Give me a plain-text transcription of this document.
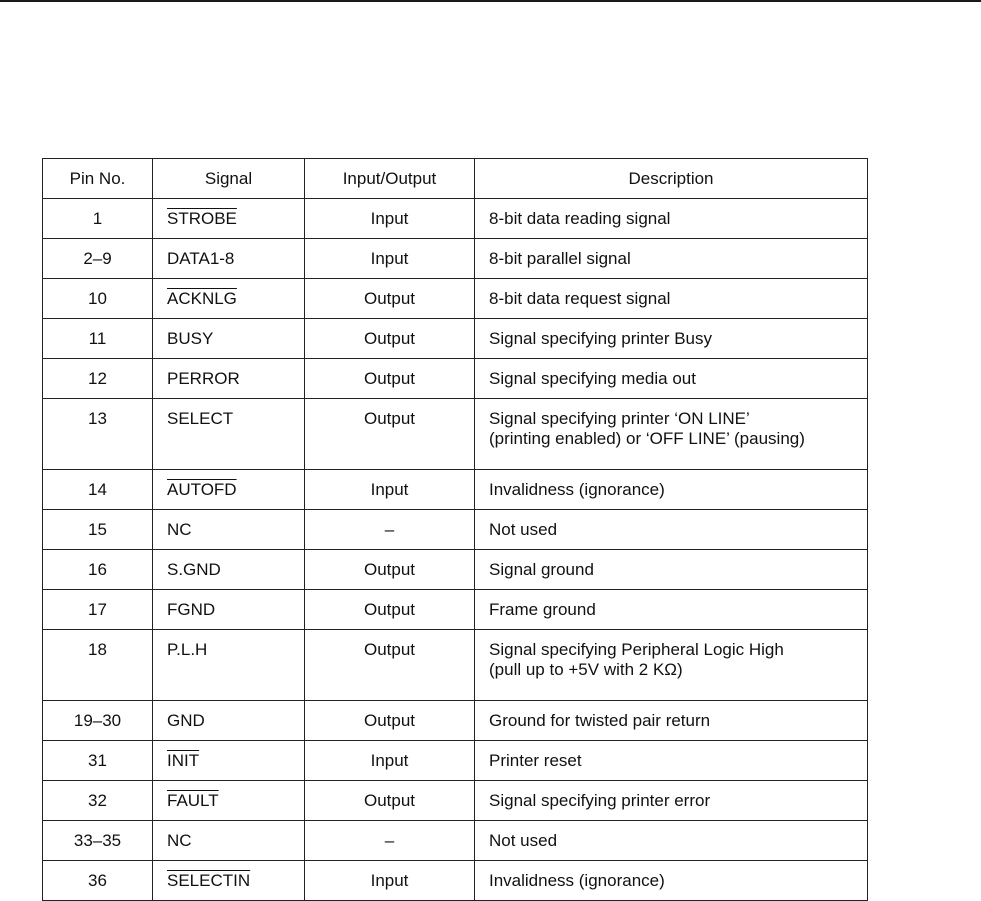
Pin No.	Signal	Input/Output	Description
1	STROBE	Input	8-bit data reading signal

2–9	DATA1-8	Input	8-bit parallel signal

10	ACKNLG	Output	8-bit data request signal

11	BUSY	Output	Signal specifying printer Busy

12	PERROR	Output	Signal specifying media out

13	SELECT	Output	Signal specifying printer ‘ON LINE’
(printing enabled) or ‘OFF LINE’ (pausing)

14	AUTOFD	Input	Invalidness (ignorance)

15	NC	–	Not used

16	S.GND	Output	Signal ground

17	FGND	Output	Frame ground

18	P.L.H	Output	Signal specifying Peripheral Logic High
(pull up to +5V with 2 KΩ)

19–30	GND	Output	Ground for twisted pair return

31	INIT	Input	Printer reset

32	FAULT	Output	Signal specifying printer error

33–35	NC	–	Not used

36	SELECTIN	Input	Invalidness (ignorance)
